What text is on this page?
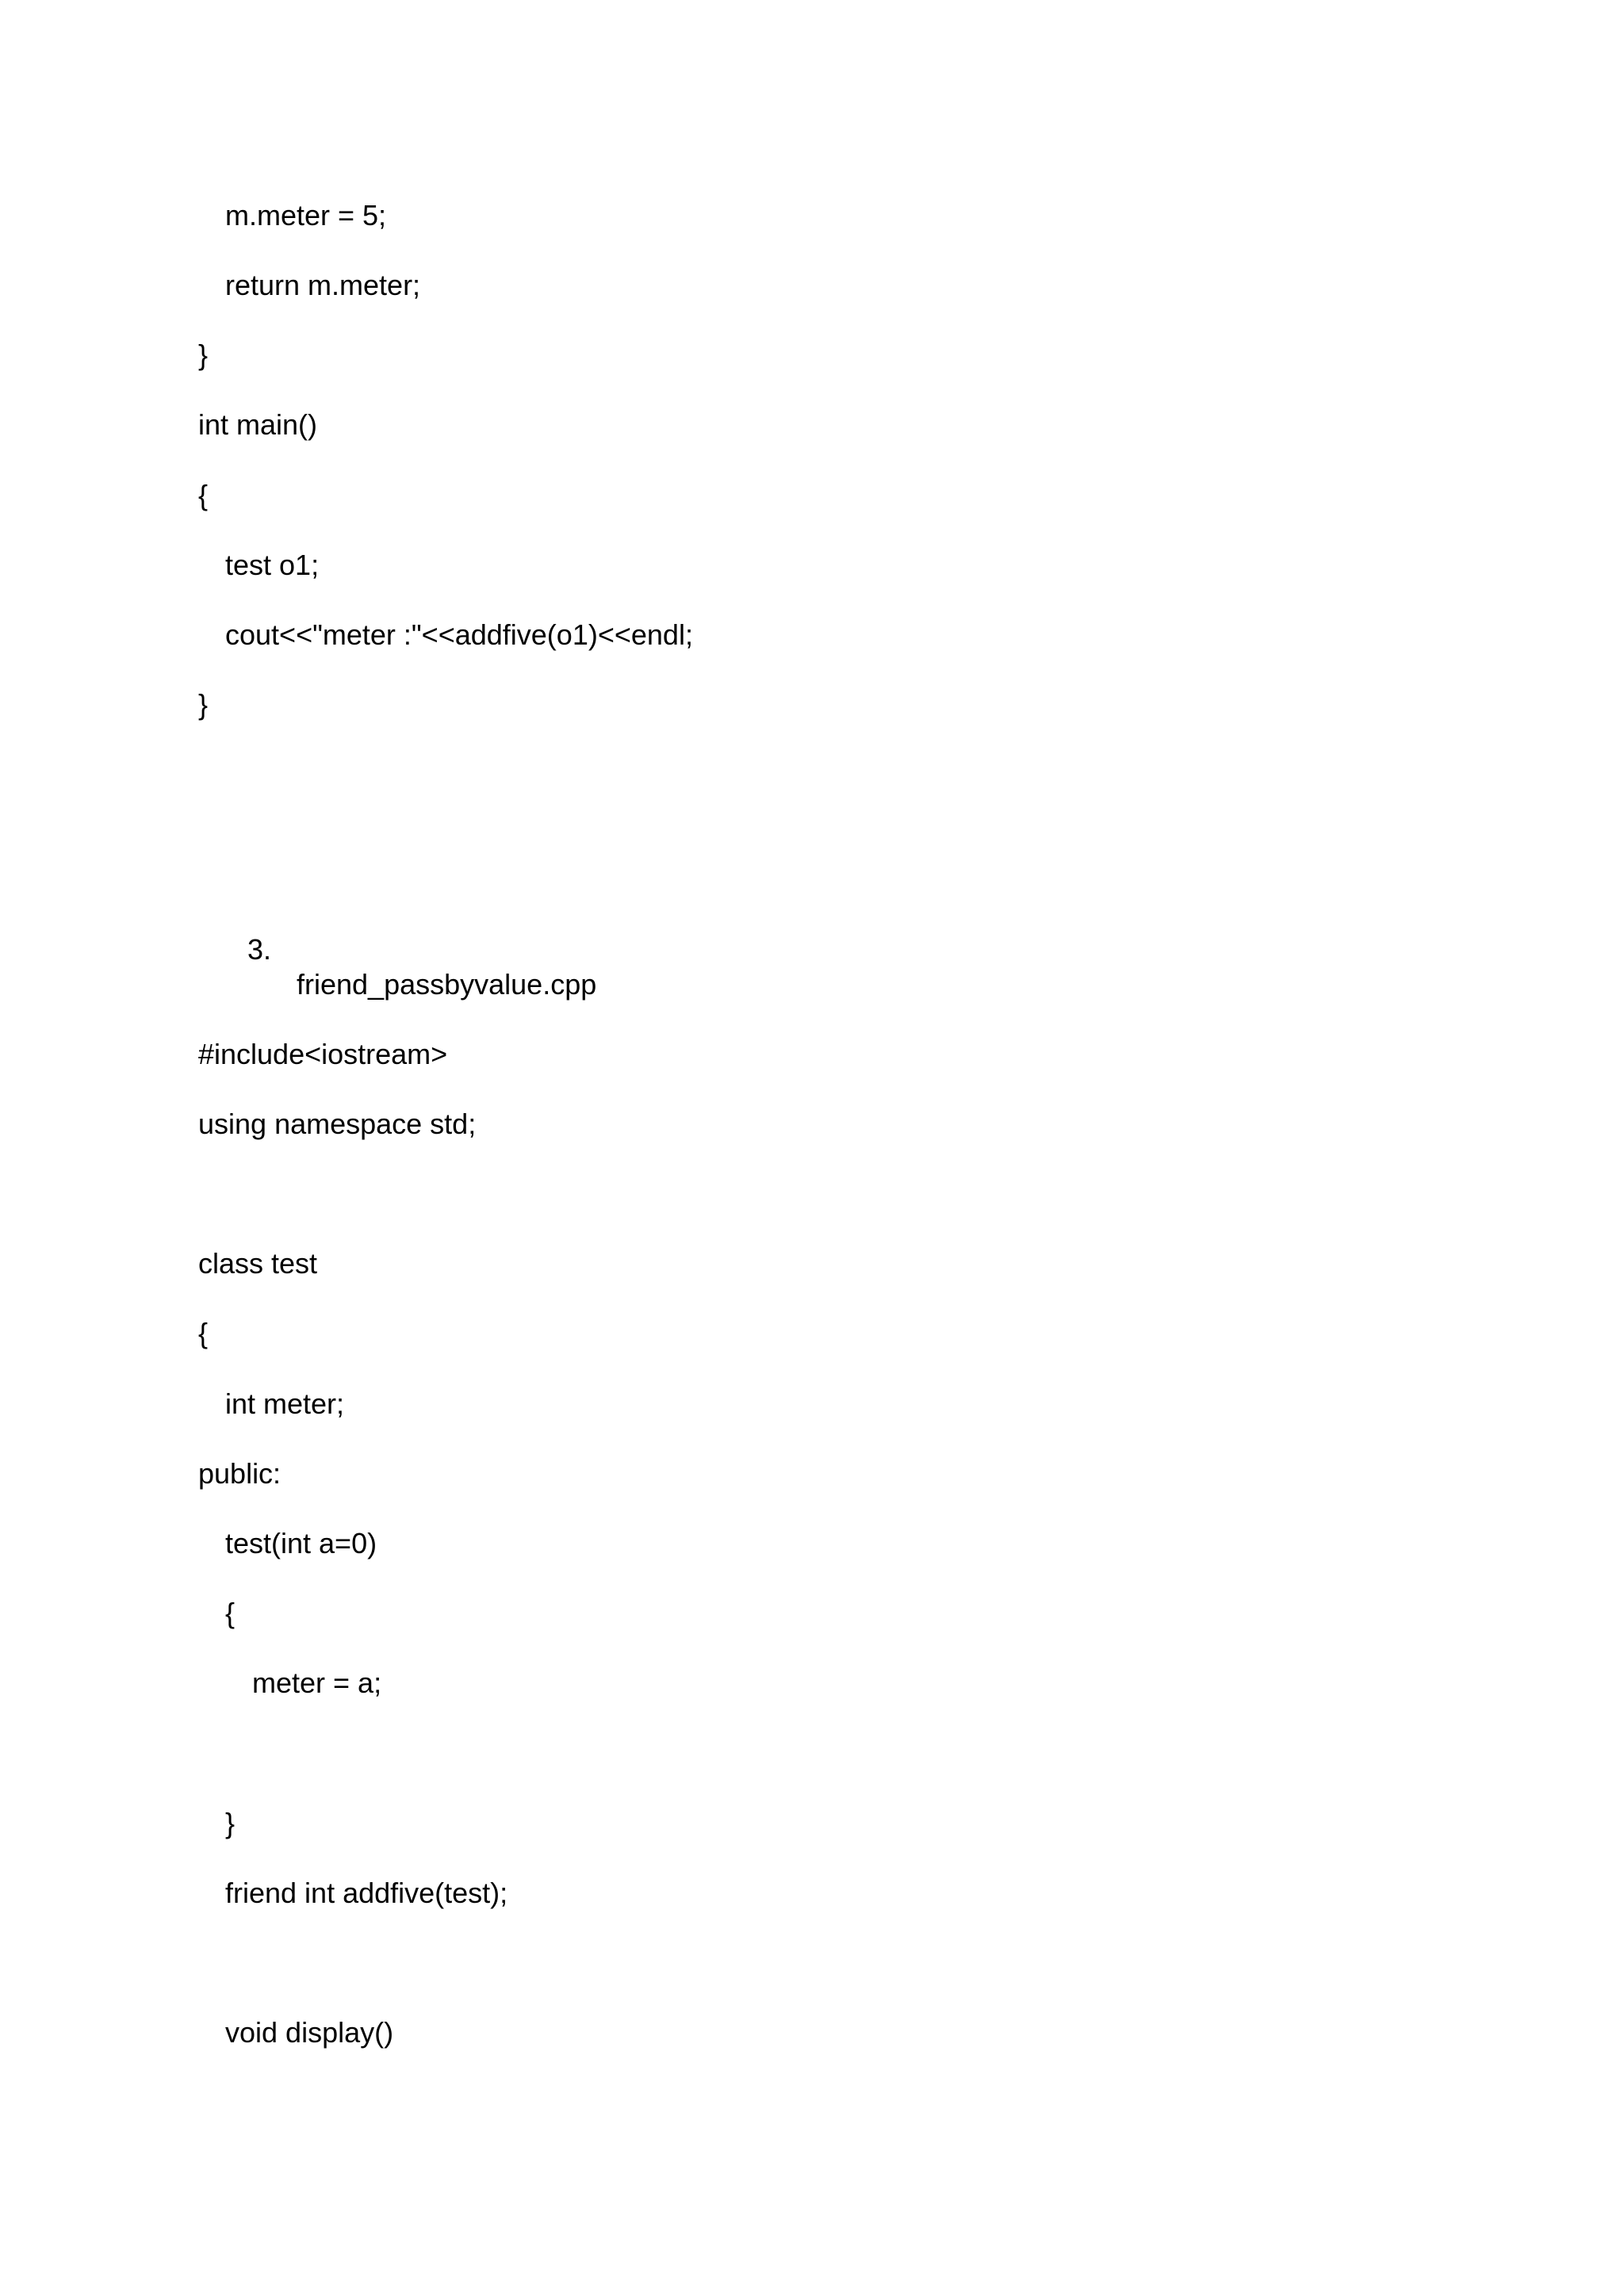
m.meter = 5;
return m.meter;
}
int main()
{
test o1;
cout<<"meter :"<<addfive(o1)<<endl;
}

3.

friend_passbyvalue.cpp

#include<iostream>
using namespace std;
class test
{
int meter;
public:
test(int a=0)
{
meter = a;
}
friend int addfive(test);
void display()
